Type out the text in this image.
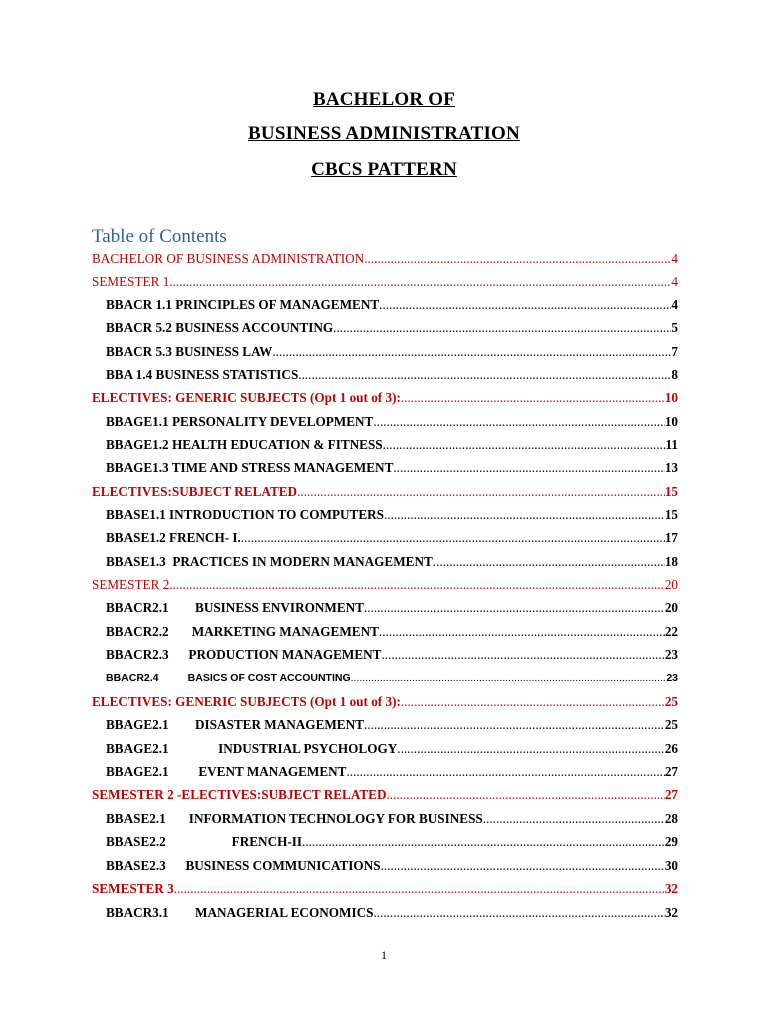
BACHELOR OF
BUSINESS ADMINISTRATION
CBCS PATTERN
Table of Contents
BACHELOR OF BUSINESS ADMINISTRATION .....	4
SEMESTER 1 .....	4
BBACR 1.1 PRINCIPLES OF MANAGEMENT .....	4
BBACR 5.2 BUSINESS ACCOUNTING .....	5
BBACR 5.3 BUSINESS LAW .....	7
BBA 1.4 BUSINESS STATISTICS .....	8
ELECTIVES: GENERIC SUBJECTS (Opt 1 out of 3): .....	10
BBAGE1.1 PERSONALITY DEVELOPMENT .....	10
BBAGE1.2 HEALTH EDUCATION & FITNESS .....	11
BBAGE1.3 TIME AND STRESS MANAGEMENT .....	13
ELECTIVES:SUBJECT RELATED .....	15
BBASE1.1 INTRODUCTION TO COMPUTERS .....	15
BBASE1.2 FRENCH- I. .....	17
BBASE1.3  PRACTICES IN MODERN MANAGEMENT .....	18
SEMESTER 2 .....	20
BBACR2.1        BUSINESS ENVIRONMENT .....	20
BBACR2.2       MARKETING MANAGEMENT .....	22
BBACR2.3      PRODUCTION MANAGEMENT .....	23
BBACR2.4          BASICS OF COST ACCOUNTING .....	23
ELECTIVES: GENERIC SUBJECTS (Opt 1 out of 3): .....	25
BBAGE2.1        DISASTER MANAGEMENT .....	25
BBAGE2.1               INDUSTRIAL PSYCHOLOGY .....	26
BBAGE2.1         EVENT MANAGEMENT .....	27
SEMESTER 2 -ELECTIVES:SUBJECT RELATED .....	27
BBASE2.1       INFORMATION TECHNOLOGY FOR BUSINESS .....	28
BBASE2.2                    FRENCH-II .....	29
BBASE2.3      BUSINESS COMMUNICATIONS .....	30
SEMESTER 3 .....	32
BBACR3.1        MANAGERIAL ECONOMICS .....	32
1
